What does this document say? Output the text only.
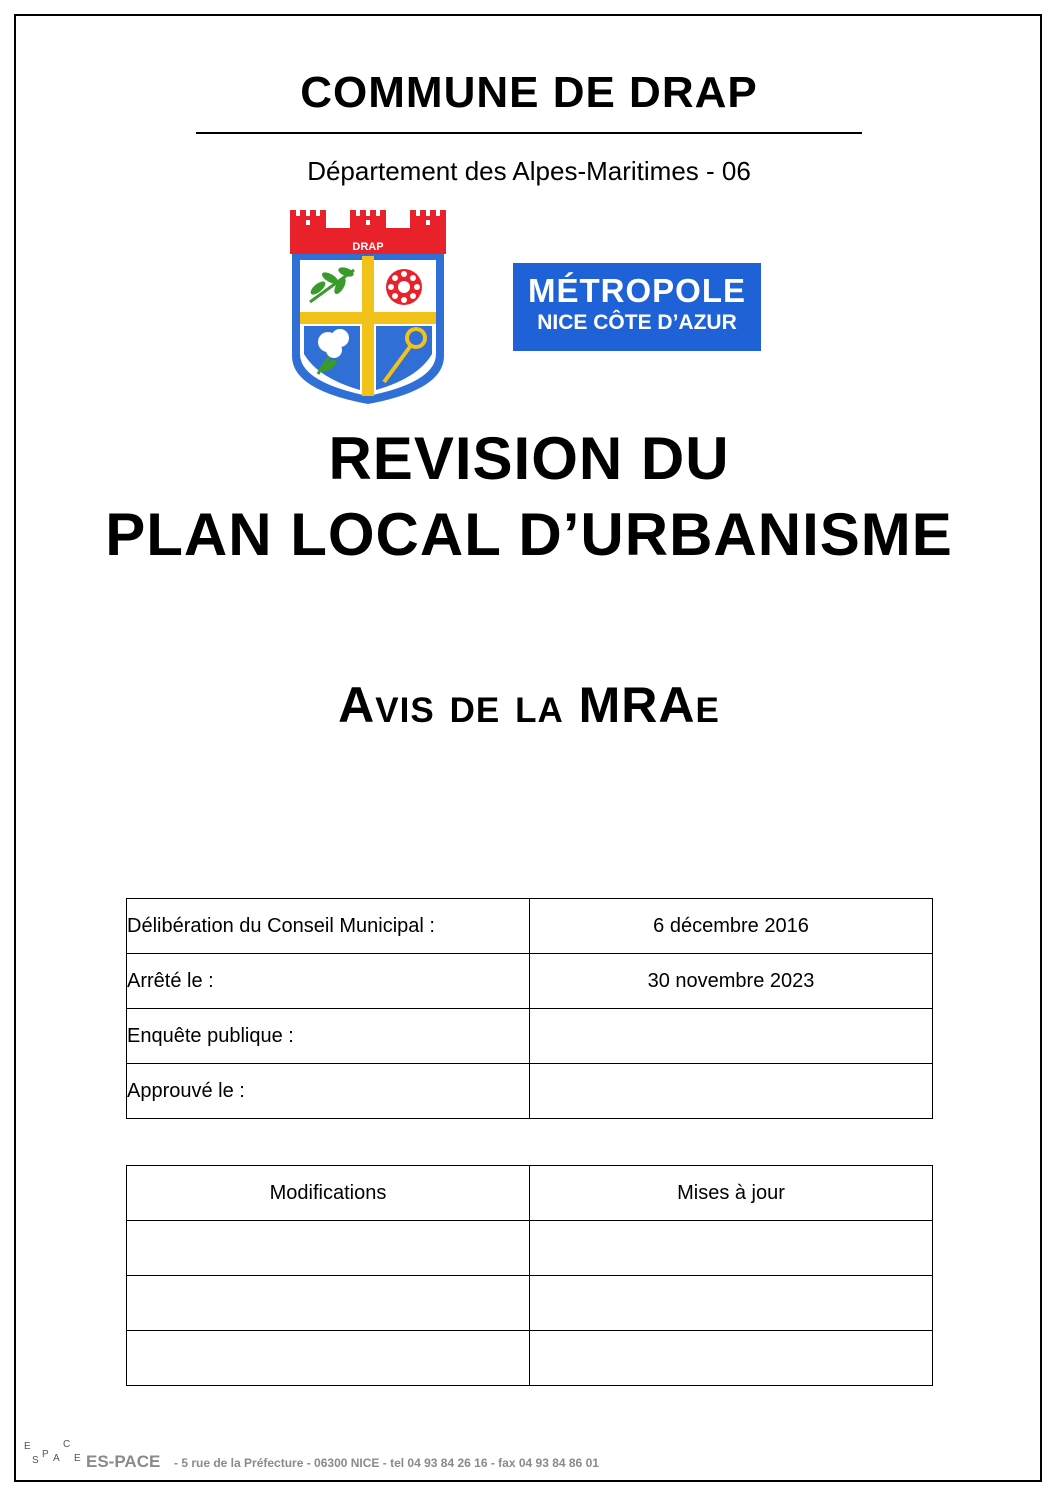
COMMUNE DE DRAP
Département des Alpes-Maritimes - 06
DRAP
MÉTROPOLE
NICE CÔTE D’AZUR
REVISION DU
PLAN LOCAL D’URBANISME
Avis de la MRAe
Délibération du Conseil Municipal :	6 décembre 2016
Arrêté le :	30 novembre 2023
Enquête publique :	
Approuvé le :	
Modifications	Mises à jour

E
S
P A
C
E ES-PACE - 5 rue de la Préfecture - 06300 NICE - tel 04 93 84 26 16 - fax 04 93 84 86 01
